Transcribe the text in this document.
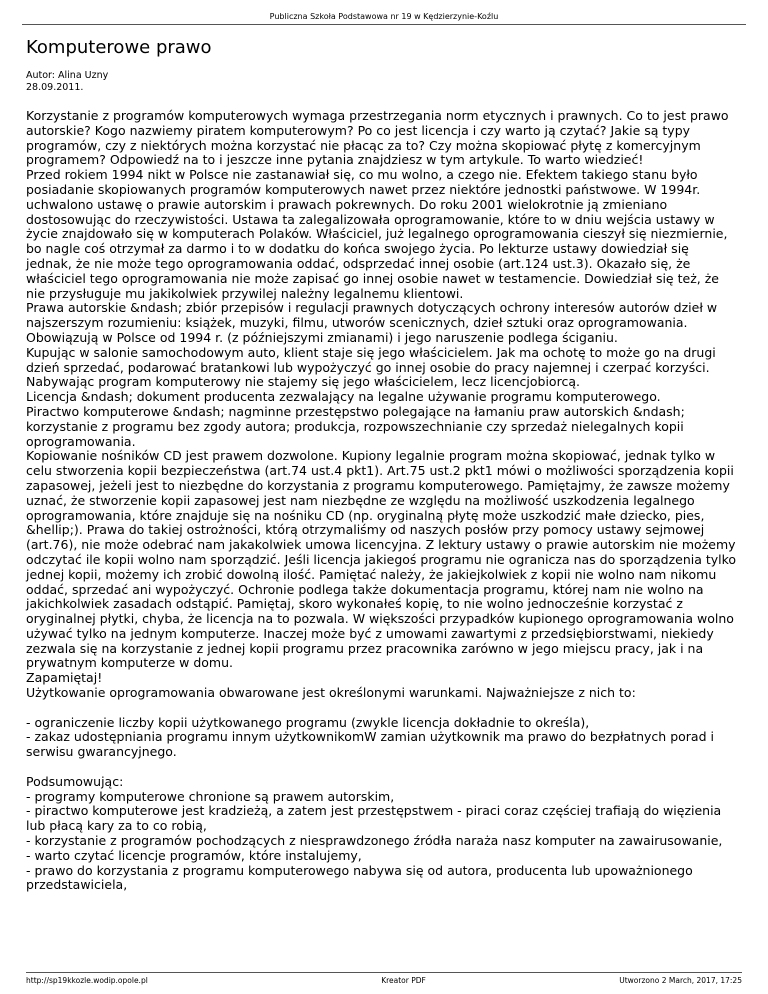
Publiczna Szkoła Podstawowa nr 19 w Kędzierzynie-Koźlu
Komputerowe prawo
Autor: Alina Uzny
28.09.2011.

Korzystanie z programów komputerowych wymaga przestrzegania norm etycznych i prawnych. Co to jest prawo autorskie? Kogo nazwiemy piratem komputerowym? Po co jest licencja i czy warto ją czytać? Jakie są typy programów, czy z niektórych można korzystać nie płacąc za to? Czy można skopiować płytę z komercyjnym programem? Odpowiedź na to i jeszcze inne pytania znajdziesz w tym artykule. To warto wiedzieć!

Przed rokiem 1994 nikt w Polsce nie zastanawiał się, co mu wolno, a czego nie. Efektem takiego stanu było posiadanie skopiowanych programów komputerowych nawet przez niektóre jednostki państwowe. W 1994r. uchwalono ustawę o prawie autorskim i prawach pokrewnych. Do roku 2001 wielokrotnie ją zmieniano dostosowując do rzeczywistości. Ustawa ta zalegalizowała oprogramowanie, które to w dniu wejścia ustawy w życie znajdowało się w komputerach Polaków. Właściciel, już legalnego oprogramowania cieszył się niezmiernie, bo nagle coś otrzymał za darmo i to w dodatku do końca swojego życia. Po lekturze ustawy dowiedział się jednak, że nie może tego oprogramowania oddać, odsprzedać innej osobie (art.124 ust.3). Okazało się, że właściciel tego oprogramowania nie może zapisać go innej osobie nawet w testamencie. Dowiedział się też, że nie przysługuje mu jakikolwiek przywilej należny legalnemu klientowi.

Prawa autorskie &ndash; zbiór przepisów i regulacji prawnych dotyczących ochrony interesów autorów dzieł w najszerszym rozumieniu: książek, muzyki, filmu, utworów scenicznych, dzieł sztuki oraz oprogramowania. Obowiązują w Polsce od 1994 r. (z późniejszymi zmianami) i jego naruszenie podlega ściganiu.

Kupując w salonie samochodowym auto, klient staje się jego właścicielem. Jak ma ochotę to może go na drugi dzień sprzedać, podarować bratankowi lub wypożyczyć go innej osobie do pracy najemnej i czerpać korzyści. Nabywając program komputerowy nie stajemy się jego właścicielem, lecz licencjobiorcą.

Licencja &ndash; dokument producenta zezwalający na legalne używanie programu komputerowego.

Piractwo komputerowe &ndash; nagminne przestępstwo polegające na łamaniu praw autorskich &ndash; korzystanie z programu bez zgody autora; produkcja, rozpowszechnianie czy sprzedaż nielegalnych kopii oprogramowania.

Kopiowanie nośników CD jest prawem dozwolone. Kupiony legalnie program można skopiować, jednak tylko w celu stworzenia kopii bezpieczeństwa (art.74 ust.4 pkt1). Art.75 ust.2 pkt1 mówi o możliwości sporządzenia kopii zapasowej, jeżeli jest to niezbędne do korzystania z programu komputerowego. Pamiętajmy, że zawsze możemy uznać, że stworzenie kopii zapasowej jest nam niezbędne ze względu na możliwość uszkodzenia legalnego oprogramowania, które znajduje się na nośniku CD (np. oryginalną płytę może uszkodzić małe dziecko, pies, &hellip;). Prawa do takiej ostrożności, którą otrzymaliśmy od naszych posłów przy pomocy ustawy sejmowej (art.76), nie może odebrać nam jakakolwiek umowa licencyjna. Z lektury ustawy o prawie autorskim nie możemy odczytać ile kopii wolno nam sporządzić. Jeśli licencja jakiegoś programu nie ogranicza nas do sporządzenia tylko jednej kopii, możemy ich zrobić dowolną ilość. Pamiętać należy, że jakiejkolwiek z kopii nie wolno nam nikomu oddać, sprzedać ani wypożyczyć. Ochronie podlega także dokumentacja programu, której nam nie wolno na jakichkolwiek zasadach odstąpić. Pamiętaj, skoro wykonałeś kopię, to nie wolno jednocześnie korzystać z oryginalnej płytki, chyba, że licencja na to pozwala. W większości przypadków kupionego oprogramowania wolno używać tylko na jednym komputerze. Inaczej może być z umowami zawartymi z przedsiębiorstwami, niekiedy zezwala się na korzystanie z jednej kopii programu przez pracownika zarówno w jego miejscu pracy, jak i na prywatnym komputerze w domu.

Zapamiętaj!

Użytkowanie oprogramowania obwarowane jest określonymi warunkami. Najważniejsze z nich to:

- ograniczenie liczby kopii użytkowanego programu (zwykle licencja dokładnie to określa),

- zakaz udostępniania programu innym użytkownikomW zamian użytkownik ma prawo do bezpłatnych porad i serwisu gwarancyjnego.

Podsumowując:

- programy komputerowe chronione są prawem autorskim,

- piractwo komputerowe jest kradzieżą, a zatem jest przestępstwem - piraci coraz częściej trafiają do więzienia lub płacą kary za to co robią,

- korzystanie z programów pochodzących z niesprawdzonego źródła naraża nasz komputer na zawairusowanie,

- warto czytać licencje programów, które instalujemy,

- prawo do korzystania z programu komputerowego nabywa się od autora, producenta lub upoważnionego przedstawiciela,

http://sp19kkozle.wodip.opole.pl	Kreator PDF	Utworzono 2 March, 2017, 17:25
